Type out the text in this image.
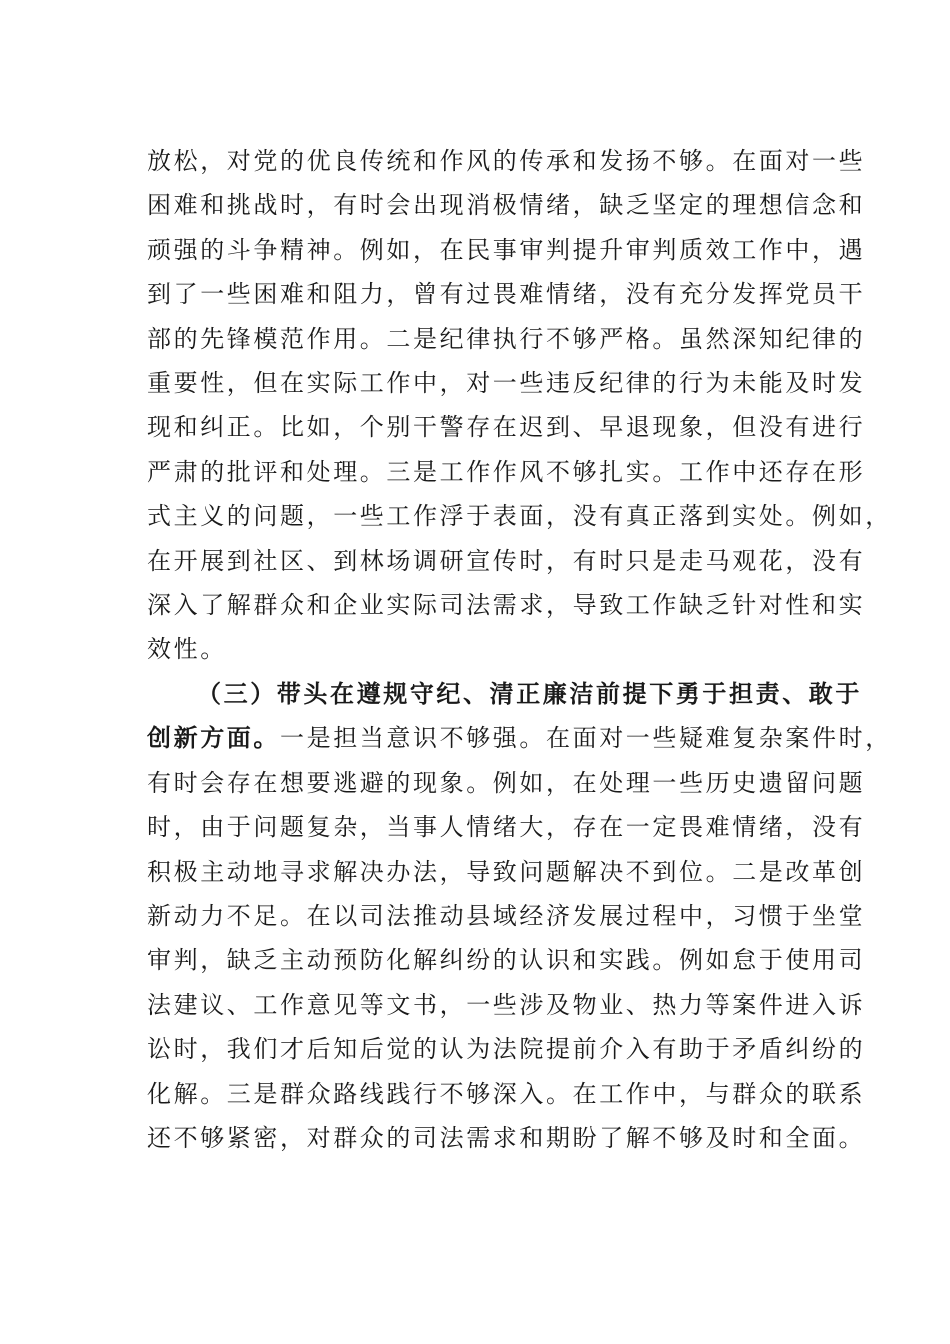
放松，对党的优良传统和作风的传承和发扬不够。在面对一些
困难和挑战时，有时会出现消极情绪，缺乏坚定的理想信念和
顽强的斗争精神。例如，在民事审判提升审判质效工作中，遇
到了一些困难和阻力，曾有过畏难情绪，没有充分发挥党员干
部的先锋模范作用。二是纪律执行不够严格。虽然深知纪律的
重要性，但在实际工作中，对一些违反纪律的行为未能及时发
现和纠正。比如，个别干警存在迟到、早退现象，但没有进行
严肃的批评和处理。三是工作作风不够扎实。工作中还存在形
式主义的问题，一些工作浮于表面，没有真正落到实处。例如，
在开展到社区、到林场调研宣传时，有时只是走马观花，没有
深入了解群众和企业实际司法需求，导致工作缺乏针对性和实
效性。
（三）带头在遵规守纪、清正廉洁前提下勇于担责、敢于
创新方面。一是担当意识不够强。在面对一些疑难复杂案件时，
有时会存在想要逃避的现象。例如，在处理一些历史遗留问题
时，由于问题复杂，当事人情绪大，存在一定畏难情绪，没有
积极主动地寻求解决办法，导致问题解决不到位。二是改革创
新动力不足。在以司法推动县域经济发展过程中，习惯于坐堂
审判，缺乏主动预防化解纠纷的认识和实践。例如怠于使用司
法建议、工作意见等文书，一些涉及物业、热力等案件进入诉
讼时，我们才后知后觉的认为法院提前介入有助于矛盾纠纷的
化解。三是群众路线践行不够深入。在工作中，与群众的联系
还不够紧密，对群众的司法需求和期盼了解不够及时和全面。
